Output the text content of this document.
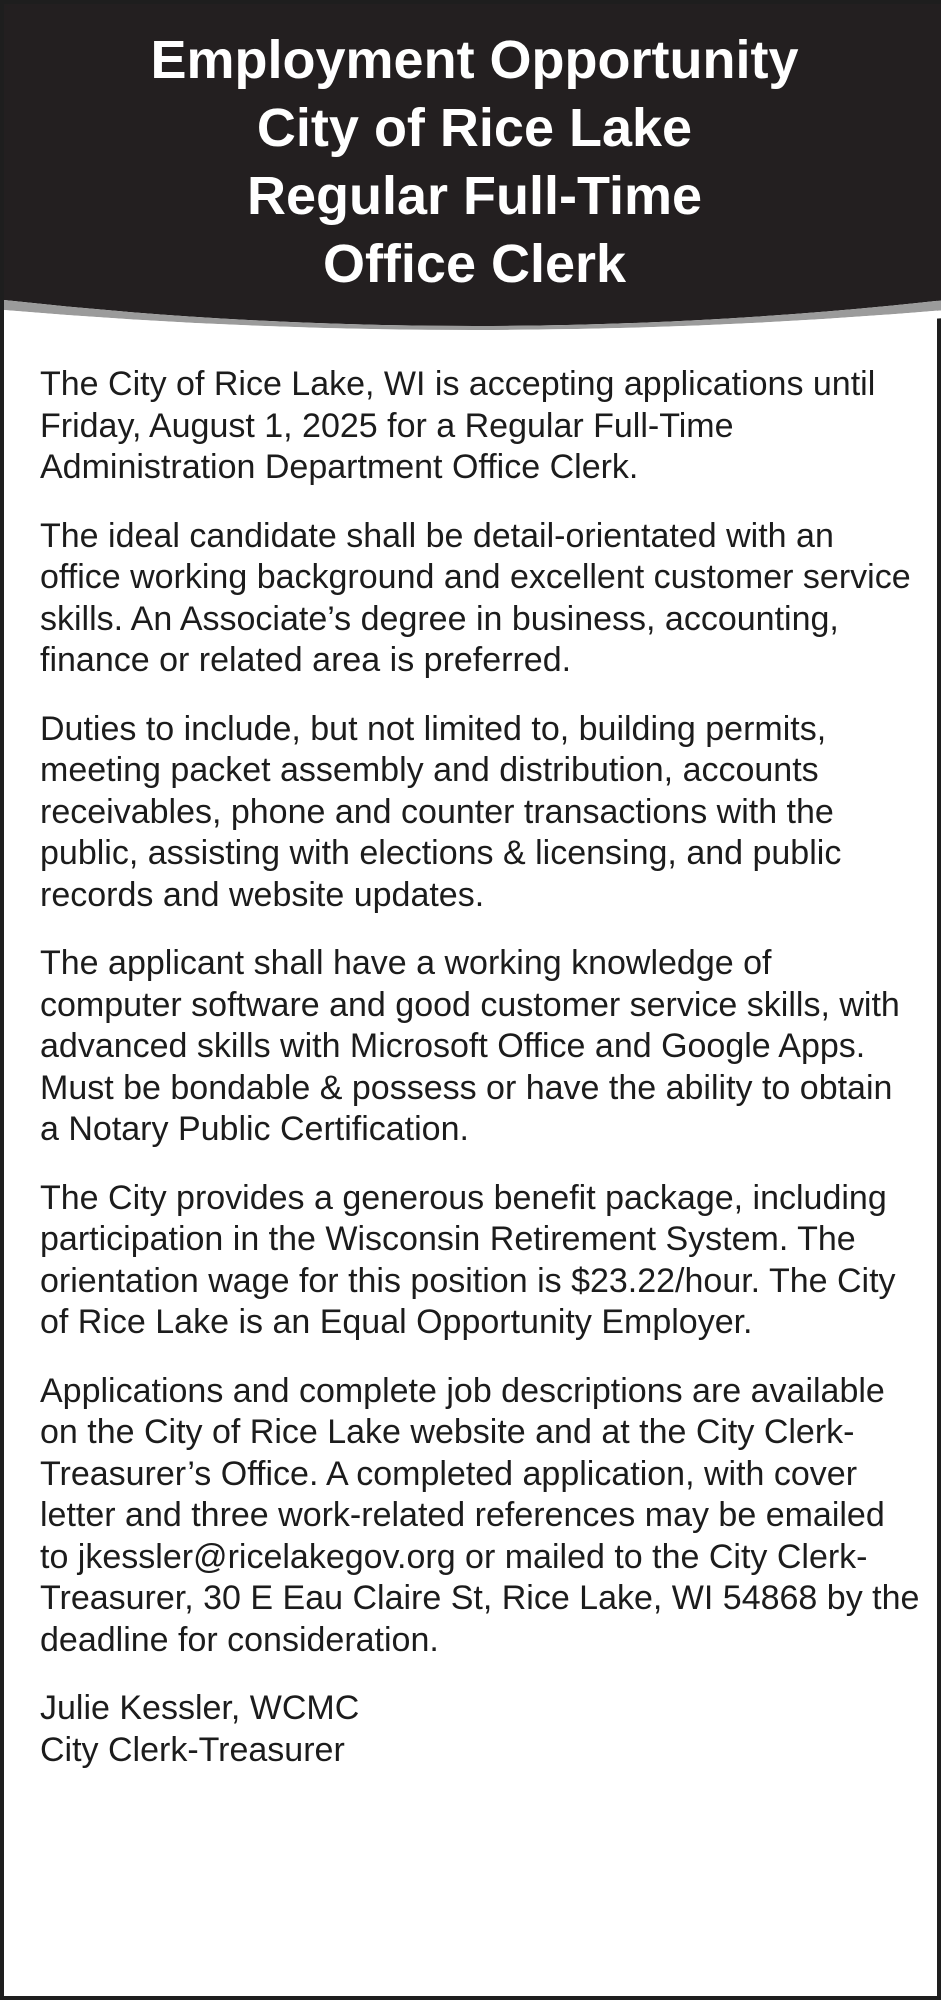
Employment Opportunity
City of Rice Lake
Regular Full-Time
Office Clerk

The City of Rice Lake, WI is accepting applications until Friday, August 1, 2025 for a Regular Full-Time Administration Department Office Clerk.

The ideal candidate shall be detail-orientated with an office working background and excellent customer service skills. An Associate’s degree in business, accounting, finance or related area is preferred.

Duties to include, but not limited to, building permits, meeting packet assembly and distribution, accounts receivables, phone and counter transactions with the public, assisting with elections & licensing, and public records and website updates.

The applicant shall have a working knowledge of computer software and good customer service skills, with advanced skills with Microsoft Office and Google Apps. Must be bondable & possess or have the ability to obtain a Notary Public Certification.

The City provides a generous benefit package, including participation in the Wisconsin Retirement System. The orientation wage for this position is $23.22/hour. The City of Rice Lake is an Equal Opportunity Employer.

Applications and complete job descriptions are available on the City of Rice Lake website and at the City Clerk-Treasurer’s Office. A completed application, with cover letter and three work-related references may be emailed to jkessler@ricelakegov.org or mailed to the City Clerk-Treasurer, 30 E Eau Claire St, Rice Lake, WI 54868 by the deadline for consideration.

Julie Kessler, WCMC
City Clerk-Treasurer
